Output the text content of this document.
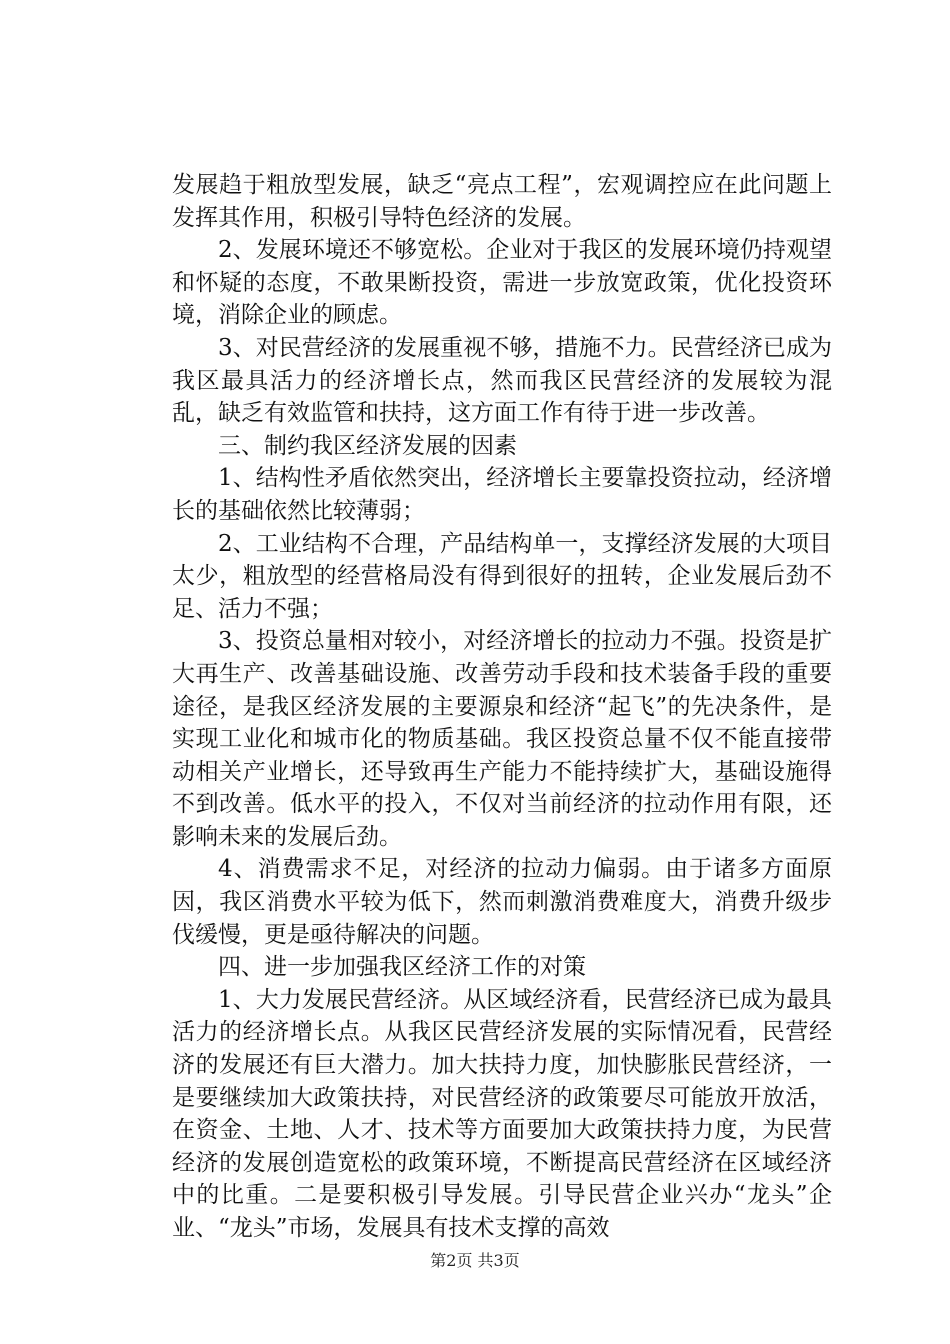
发展趋于粗放型发展，缺乏“亮点工程”，宏观调控应在此问题上发挥其作用，积极引导特色经济的发展。

2、发展环境还不够宽松。企业对于我区的发展环境仍持观望和怀疑的态度，不敢果断投资，需进一步放宽政策，优化投资环境，消除企业的顾虑。

3、对民营经济的发展重视不够，措施不力。民营经济已成为我区最具活力的经济增长点，然而我区民营经济的发展较为混乱，缺乏有效监管和扶持，这方面工作有待于进一步改善。

三、制约我区经济发展的因素

1、结构性矛盾依然突出，经济增长主要靠投资拉动，经济增长的基础依然比较薄弱；

2、工业结构不合理，产品结构单一，支撑经济发展的大项目太少，粗放型的经营格局没有得到很好的扭转，企业发展后劲不足、活力不强；

3、投资总量相对较小，对经济增长的拉动力不强。投资是扩大再生产、改善基础设施、改善劳动手段和技术装备手段的重要途径，是我区经济发展的主要源泉和经济“起飞”的先决条件，是实现工业化和城市化的物质基础。我区投资总量不仅不能直接带动相关产业增长，还导致再生产能力不能持续扩大，基础设施得不到改善。低水平的投入，不仅对当前经济的拉动作用有限，还影响未来的发展后劲。

4、消费需求不足，对经济的拉动力偏弱。由于诸多方面原因，我区消费水平较为低下，然而刺激消费难度大，消费升级步伐缓慢，更是亟待解决的问题。

四、进一步加强我区经济工作的对策

1、大力发展民营经济。从区域经济看，民营经济已成为最具活力的经济增长点。从我区民营经济发展的实际情况看，民营经济的发展还有巨大潜力。加大扶持力度，加快膨胀民营经济，一是要继续加大政策扶持，对民营经济的政策要尽可能放开放活，在资金、土地、人才、技术等方面要加大政策扶持力度，为民营经济的发展创造宽松的政策环境，不断提高民营经济在区域经济中的比重。二是要积极引导发展。引导民营企业兴办“龙头”企业、“龙头”市场，发展具有技术支撑的高效

第2页 共3页
